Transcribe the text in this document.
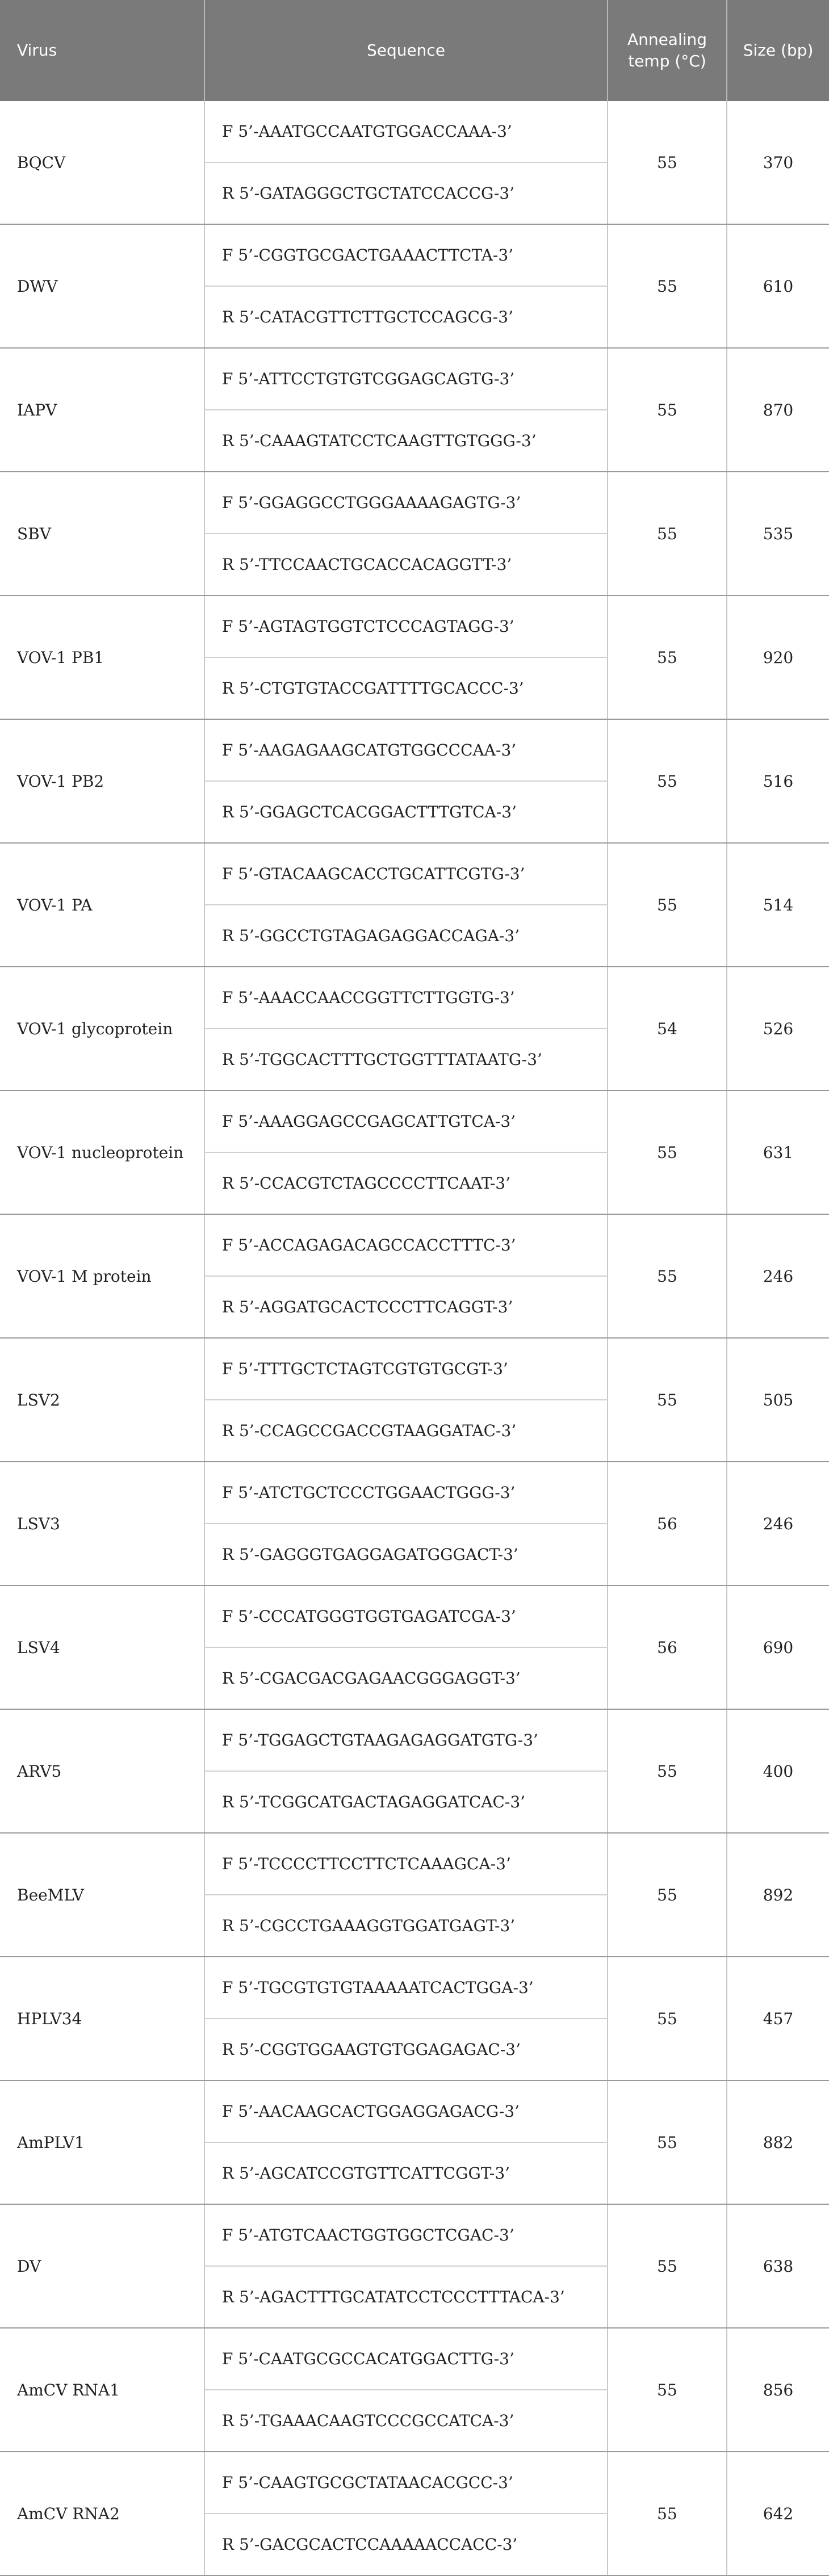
Virus	Sequence	Annealing temp (°C)	Size (bp)
BQCV	F 5’-AAATGCCAATGTGGACCAAA-3’	55	370
	R 5’-GATAGGGCTGCTATCCACCG-3’		
DWV	F 5’-CGGTGCGACTGAAACTTCTA-3’	55	610
	R 5’-CATACGTTCTTGCTCCAGCG-3’		
IAPV	F 5’-ATTCCTGTGTCGGAGCAGTG-3’	55	870
	R 5’-CAAAGTATCCTCAAGTTGTGGG-3’		
SBV	F 5’-GGAGGCCTGGGAAAAGAGTG-3’	55	535
	R 5’-TTCCAACTGCACCACAGGTT-3’		
VOV-1 PB1	F 5’-AGTAGTGGTCTCCCAGTAGG-3’	55	920
	R 5’-CTGTGTACCGATTTTGCACCC-3’		
VOV-1 PB2	F 5’-AAGAGAAGCATGTGGCCCAA-3’	55	516
	R 5’-GGAGCTCACGGACTTTGTCA-3’		
VOV-1 PA	F 5’-GTACAAGCACCTGCATTCGTG-3’	55	514
	R 5’-GGCCTGTAGAGAGGACCAGA-3’		
VOV-1 glycoprotein	F 5’-AAACCAACCGGTTCTTGGTG-3’	54	526
	R 5’-TGGCACTTTGCTGGTTTATAATG-3’		
VOV-1 nucleoprotein	F 5’-AAAGGAGCCGAGCATTGTCA-3’	55	631
	R 5’-CCACGTCTAGCCCCTTCAAT-3’		
VOV-1 M protein	F 5’-ACCAGAGACAGCCACCTTTC-3’	55	246
	R 5’-AGGATGCACTCCCTTCAGGT-3’		
LSV2	F 5’-TTTGCTCTAGTCGTGTGCGT-3’	55	505
	R 5’-CCAGCCGACCGTAAGGATAC-3’		
LSV3	F 5’-ATCTGCTCCCTGGAACTGGG-3’	56	246
	R 5’-GAGGGTGAGGAGATGGGACT-3’		
LSV4	F 5’-CCCATGGGTGGTGAGATCGA-3’	56	690
	R 5’-CGACGACGAGAACGGGAGGT-3’		
ARV5	F 5’-TGGAGCTGTAAGAGAGGATGTG-3’	55	400
	R 5’-TCGGCATGACTAGAGGATCAC-3’		
BeeMLV	F 5’-TCCCCTTCCTTCTCAAAGCA-3’	55	892
	R 5’-CGCCTGAAAGGTGGATGAGT-3’		
HPLV34	F 5’-TGCGTGTGTAAAAATCACTGGA-3’	55	457
	R 5’-CGGTGGAAGTGTGGAGAGAC-3’		
AmPLV1	F 5’-AACAAGCACTGGAGGAGACG-3’	55	882
	R 5’-AGCATCCGTGTTCATTCGGT-3’		
DV	F 5’-ATGTCAACTGGTGGCTCGAC-3’	55	638
	R 5’-AGACTTTGCATATCCTCCCTTTACA-3’		
AmCV RNA1	F 5’-CAATGCGCCACATGGACTTG-3’	55	856
	R 5’-TGAAACAAGTCCCGCCATCA-3’		
AmCV RNA2	F 5’-CAAGTGCGCTATAACACGCC-3’	55	642
	R 5’-GACGCACTCCAAAAACCACC-3’		
